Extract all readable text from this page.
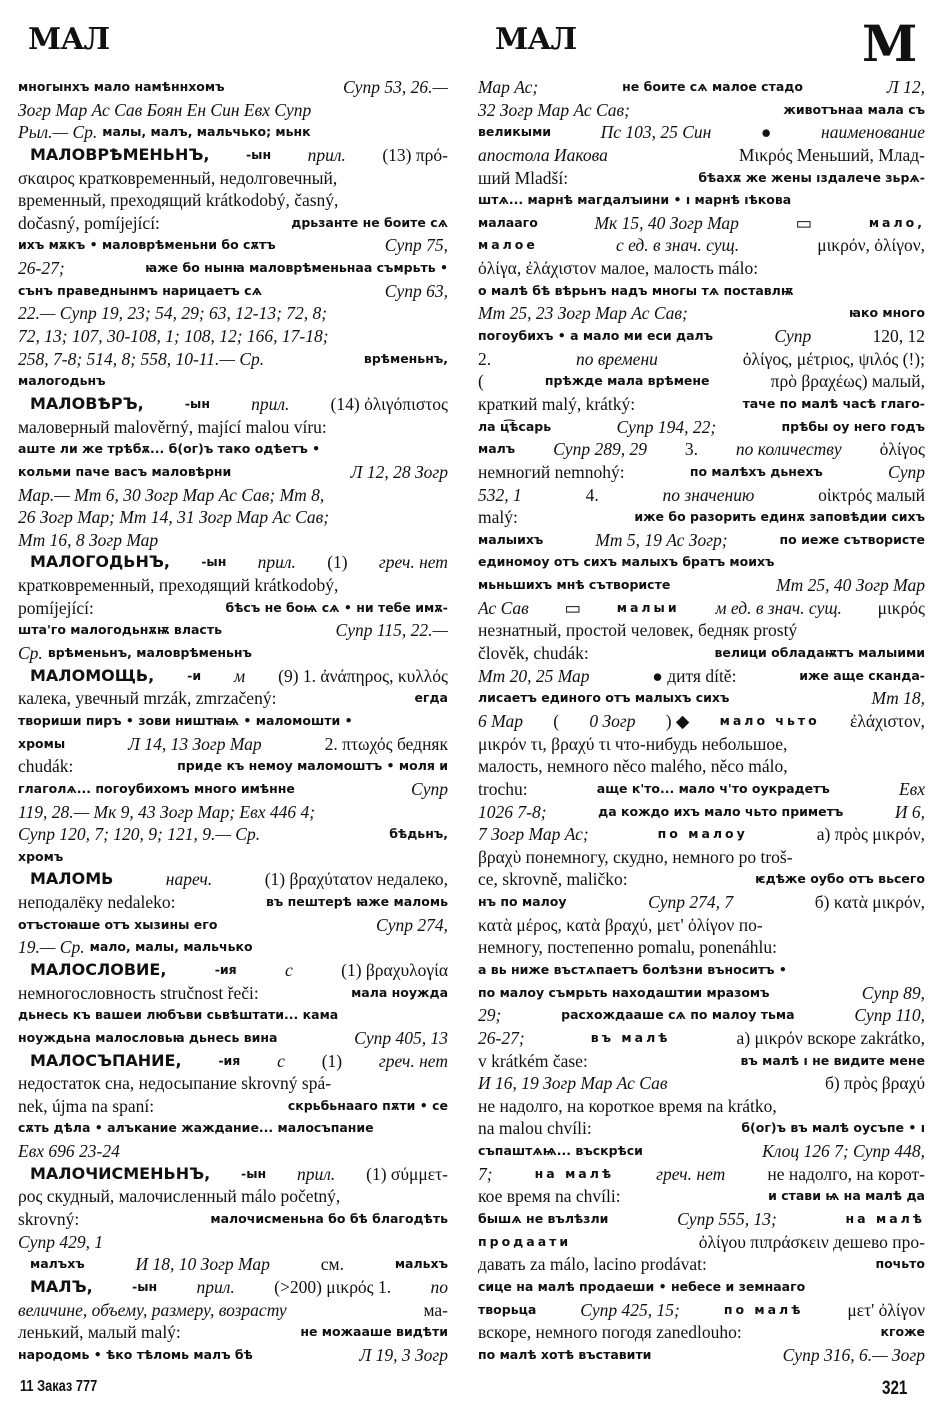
МАЛ	МАЛ	М
многынхъ мало намѣннхомъ	Супр 53, 26.—
Зогр Мар Ас Сав Боян Ен Син Евх Супр
Рыл.— Ср. малы, малъ, мальчько; мьнк
МАЛОВРѢМЕНЬНЪ,	-ын прил. (13) πρό-
σκαιρος кратковременный, недолговечный,
временный, преходящий krátkodobý, časný,
dočasný, pomíjející:	дрьзанте не боите сѧ
ихъ мѫкъ • маловрѣменьни бо сѫтъ	Супр 75,
26-27;	ꙗже бо нынꙗ маловрѣменьнаа съмрьть •
сънъ праведнынмъ нарицаетъ сѧ	Супр 63,
22.— Супр 19, 23; 54, 29; 63, 12-13; 72, 8;
72, 13; 107, 30-108, 1; 108, 12; 166, 17-18;
258, 7-8; 514, 8; 558, 10-11.— Ср.	врѣменьнъ,
малогодьнъ
МАЛОВѢРЪ,	-ын прил. (14) ὀλιγόπιστος
маловерный malověrný, mající malou víru:
аште ли же трѣбѫ... б(ог)ъ тако одѣетъ •
кольми паче васъ маловѣрни	Л 12, 28 Зогр
Мар.— Мт 6, 30 Зогр Мар Ас Сав; Мт 8,
26 Зогр Мар; Мт 14, 31 Зогр Мар Ас Сав;
Мт 16, 8 Зогр Мар
МАЛОГОДЬНЪ,	-ын прил. (1) греч. нет
кратковременный, преходящий krátkodobý,
pomíjející:	бѣсъ не боѩ сѧ • ни тебе имѫ-
шта'го малогодьнѫѭ власть	Супр 115, 22.—
Ср. врѣменьнъ, маловрѣменьнъ
МАЛОМОЩЬ,	-и м (9) 1. ἀνάπηρος, κυλλός
калека, увечный mrzák, zmrzačený:	егда
твориши пиръ • зови ништꙗѩ • маломошти •
хромы	Л 14, 13 Зогр Мар	2. πτωχός бедняк
chudák:	приде къ немоу маломоштъ • моля и
глаголѧ... погоубихомъ много имѣнне	Супр
119, 28.— Мк 9, 43 Зогр Мар; Евх 446 4;
Супр 120, 7; 120, 9; 121, 9.— Ср.	бѣдьнъ,
хромъ
МАЛОМЬ	нареч.	(1) βραχύτατον недалеко,
неподалёку nedaleko:	въ пештерѣ ꙗже маломь
отъстоꙗше отъ хызины его	Супр 274,
19.— Ср. мало, малы, мальчько
МАЛОСЛОВИЕ,	-ия	с	(1) βραχυλογία
немногословность stručnost řeči:	мала ноужда
дьнесь къ вашеи любъви сьвѣштати... кама
ноуждьна малословьꙗ дьнесь вина	Супр 405, 13
МАЛОСЪПАНИЕ,	-ия с (1) греч. нет
недостаток сна, недосыпание skrovný spá-
nek, újma na spaní:	скрьбьнааго пѫти • се
сѫть дѣла • алъкание жаждание... малосъпание
Евх 696 23-24
МАЛОЧИСМЕНЬНЪ, -ын прил. (1) σύμμετ-
ρος скудный, малочисленный málo početný,
skrovný:	малочисменьна бо бѣ благодѣть
Супр 429, 1
малъхъ	И 18, 10 Зогр Мар	см.	мальхъ
МАЛЪ,	-ын прил. (>200) μικρός 1. по
величине, объему, размеру, возрасту	ма-
ленький, малый malý:	не можааше видѣти
народомь • ѣко тѣломь малъ бѣ	Л 19, 3 Зогр
Мар Ас;	не боите сѧ малое стадо	Л 12,
32 Зогр Мар Ас Сав;	животънаа мала съ
великыми	Пс 103, 25 Син	●	наименование
апостола Иакова	Μικρός Меньший, Млад-
ший Mladší:	бѣахѫ же жены ıздалече зьрѧ-
штѧ... марнѣ магдалꙑини • ı марнѣ ıѣкова
малааго	Мк 15, 40 Зогр Мар	▭	мало,
малое	с ед. в знач. сущ.	μικρόν, ὀλίγον,
ὀλίγα, ἐλάχιστον малое, малость málo:
о малѣ бѣ вѣрьнъ надъ многы тѧ поставлѭ
Мт 25, 23 Зогр Мар Ас Сав;	ꙗко много
погоубихъ • а мало ми еси далъ	Супр	120, 12
2.	по времени	ὀλίγος, μέτριος, ψιλός (!);
(	прѣжде мала врѣмене	πρὸ βραχέως) малый,
краткий malý, krátký:	таче по малѣ часѣ глаго-
ла ц͡ѣсарь	Супр 194, 22;	прѣбы оу него годъ
малъ Супр 289, 29 3. по количеству ὀλίγος
немногий nemnohý:	по малѣхъ дьнехъ	Супр
532, 1	4.	по значению	οἰκτρός малый
malý:	иже бо разорить единѫ заповѣдии сихъ
малыихъ	Мт 5, 19 Ас Зогр;	по иеже сътвористе
единомоу отъ сихъ малыхъ братъ моихъ
мьньшихъ мнѣ сътвористе	Мт 25, 40 Зогр Мар
Ас Сав ▭	малыи м ед. в знач. сущ. μικρός
незнатный, простой человек, бедняк prostý
člověk, chudák:	велици обладаѭтъ малыими
Мт 20, 25 Мар	● дитя dítě:	иже аще сканда-
лисаетъ единого отъ малыхъ сихъ	Мт 18,
6 Мар ( 0 Зогр ) ◆ мало чьто ἐλάχιστον,
μικρόν τι, βραχύ τι что-нибудь небольшое,
малость, немного něco malého, něco málo,
trochu:	аще к'то... мало ч'то оукрадетъ	Евх
1026 7-8;	да кождо ихъ мало чьто приметъ	И 6,
7 Зогр Мар Ас;	по малоу	а) πρὸς μικρόν,
βραχὺ понемногу, скудно, немного po troš-
ce, skrovně, maličko:	ѥдѣже оубо отъ вьсего
нъ по малоу	Супр 274, 7	б) κατὰ μικρόν,
κατὰ μέρος, κατὰ βραχύ, μετ' ὀλίγον по-
немногу, постепенно pomalu, ponenáhlu:
а вь ниже въстѧпаетъ болѣзни въноситъ •
по малоу съмрьть находаштии мразомъ	Супр 89,
29;	расхождааше сѧ по малоу тьма	Супр 110,
26-27;	въ малѣ	а) μικρόν вскоре zakrátko,
v krátkém čase:	въ малѣ ı не видите мене
И 16, 19 Зогр Мар Ас Сав	б) πρὸς βραχύ
не надолго, на короткое время na krátko,
na malou chvíli:	б(ог)ъ въ малѣ оусъпе • ı
съпаштѧѩ... въскрѣси	Клоц 126 7; Супр 448,
7;	на малѣ греч. нет не надолго, на корот-
кое время na chvíli:	и стави ѩ на малѣ да
бышѧ не вълѣзли	Супр 555, 13;	на малѣ
продаати	ὀλίγου πιπράσκειν дешево про-
давать za málo, lacino prodávat:	почьто
сице на малѣ продаеши • небесе и земнааго
творьца	Супр 425, 15;	по малѣ	μετ' ὀλίγον
вскоре, немного погодя zanedlouho:	кгоже
по малѣ хотѣ въставити	Супр 316, 6.— Зогр
11 Заказ 777	321
